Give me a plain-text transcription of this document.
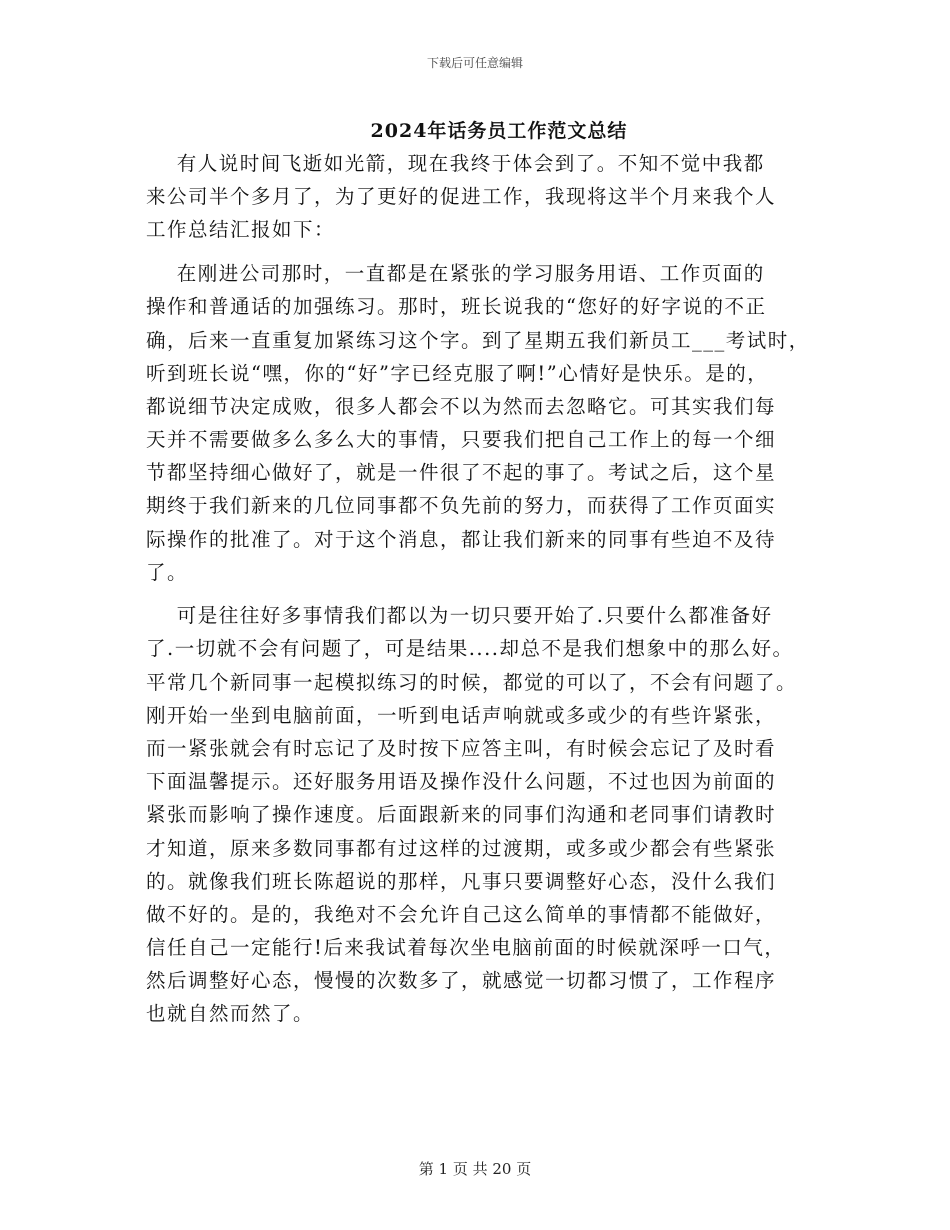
下载后可任意编辑
2024年话务员工作范文总结
有人说时间飞逝如光箭，现在我终于体会到了。不知不觉中我都
来公司半个多月了，为了更好的促进工作，我现将这半个月来我个人
工作总结汇报如下：
在刚进公司那时，一直都是在紧张的学习服务用语、工作页面的
操作和普通话的加强练习。那时，班长说我的“您好的好字说的不正
确，后来一直重复加紧练习这个字。到了星期五我们新员工___考试时，
听到班长说“嘿，你的“好”字已经克服了啊!”心情好是快乐。是的，
都说细节决定成败，很多人都会不以为然而去忽略它。可其实我们每
天并不需要做多么多么大的事情，只要我们把自己工作上的每一个细
节都坚持细心做好了，就是一件很了不起的事了。考试之后，这个星
期终于我们新来的几位同事都不负先前的努力，而获得了工作页面实
际操作的批准了。对于这个消息，都让我们新来的同事有些迫不及待
了。
可是往往好多事情我们都以为一切只要开始了.只要什么都准备好
了.一切就不会有问题了，可是结果....却总不是我们想象中的那么好。
平常几个新同事一起模拟练习的时候，都觉的可以了，不会有问题了。
刚开始一坐到电脑前面，一听到电话声响就或多或少的有些许紧张，
而一紧张就会有时忘记了及时按下应答主叫，有时候会忘记了及时看
下面温馨提示。还好服务用语及操作没什么问题，不过也因为前面的
紧张而影响了操作速度。后面跟新来的同事们沟通和老同事们请教时
才知道，原来多数同事都有过这样的过渡期，或多或少都会有些紧张
的。就像我们班长陈超说的那样，凡事只要调整好心态，没什么我们
做不好的。是的，我绝对不会允许自己这么简单的事情都不能做好，
信任自己一定能行!后来我试着每次坐电脑前面的时候就深呼一口气，
然后调整好心态，慢慢的次数多了，就感觉一切都习惯了，工作程序
也就自然而然了。
第 1 页 共 20 页
